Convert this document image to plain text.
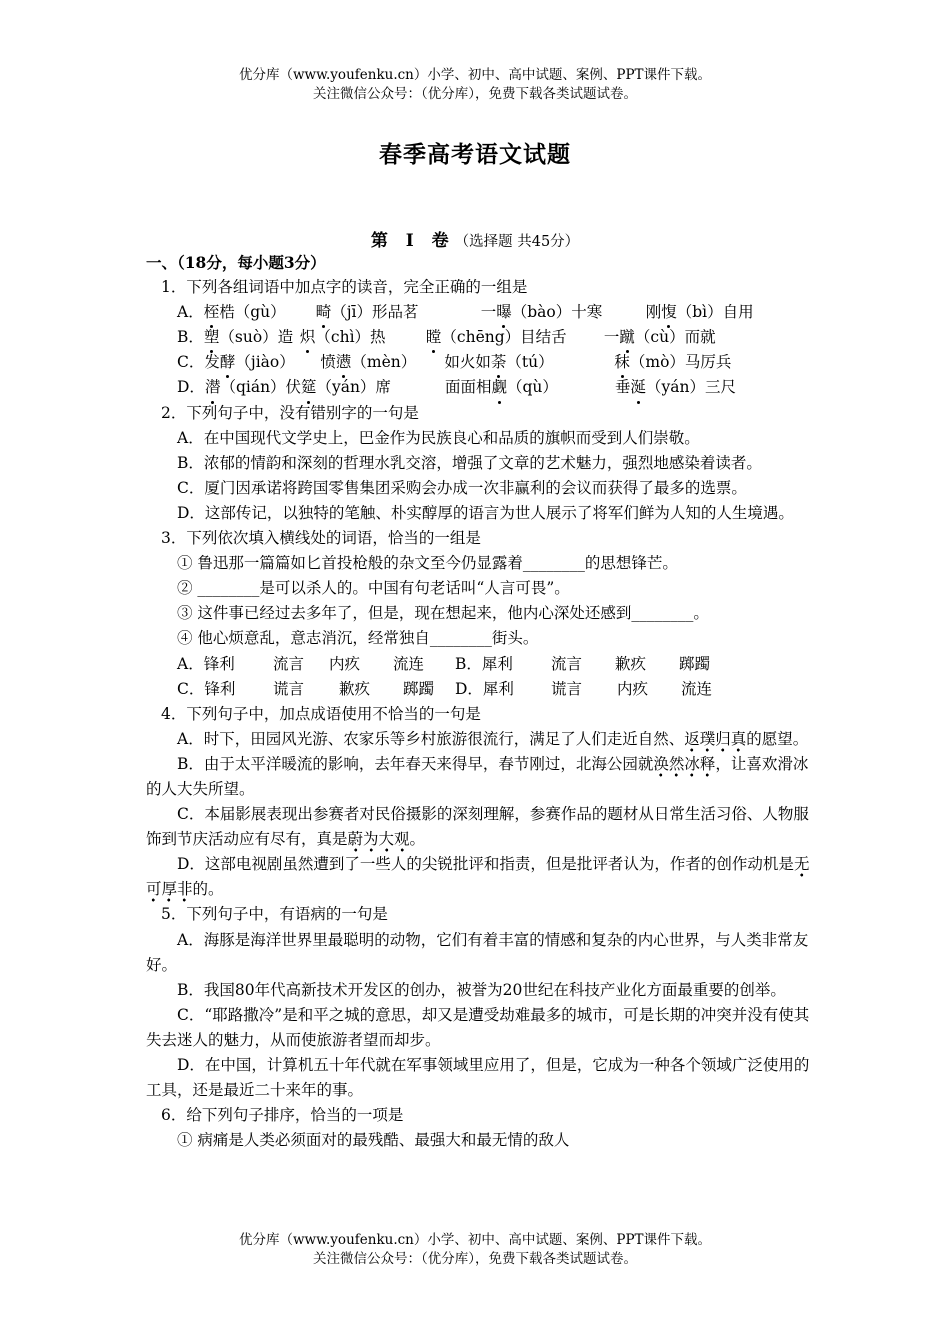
优分库（www.youfenku.cn）小学、初中、高中试题、案例、PPT课件下载。
关注微信公众号：（优分库），免费下载各类试题试卷。
春季高考语文试题
第 Ⅰ 卷（选择题 共45分）
一、（18分，每小题3分）
1．下列各组词语中加点字的读音，完全正确的一组是
A．桎梏（gù） 畸（jī）形品茗	一曝（bào）十寒	刚愎（bì）自用
B．塑（suò）造 炽（chì）热	瞠（chēng）目结舌 一蹴（cù）而就
C．发酵（jiào） 愤懑（mèn） 如火如荼（tú）	秣（mò）马厉兵
D．潜（qián）伏筵（yán）席	面面相觑（qù）	垂涎（yán）三尺
2．下列句子中，没有错别字的一句是
A．在中国现代文学史上，巴金作为民族良心和品质的旗帜而受到人们崇敬。
B．浓郁的情韵和深刻的哲理水乳交溶，增强了文章的艺术魅力，强烈地感染着读者。
C．厦门因承诺将跨国零售集团采购会办成一次非赢利的会议而获得了最多的选票。
D．这部传记，以独特的笔触、朴实醇厚的语言为世人展示了将军们鲜为人知的人生境遇。
3．下列依次填入横线处的词语，恰当的一组是
① 鲁迅那一篇篇如匕首投枪般的杂文至今仍显露着________的思想锋芒。
② ________是可以杀人的。中国有句老话叫“人言可畏”。
③ 这件事已经过去多年了，但是，现在想起来，他内心深处还感到________。
④ 他心烦意乱，意志消沉，经常独自________街头。
A．锋利 流言 内疚 流连 B．犀利 流言 歉疚 踯躅
C．锋利 谎言 歉疚 踯躅 D．犀利 谎言 内疚 流连
4．下列句子中，加点成语使用不恰当的一句是
A．时下，田园风光游、农家乐等乡村旅游很流行，满足了人们走近自然、返璞归真的愿望。
B．由于太平洋暖流的影响，去年春天来得早，春节刚过，北海公园就涣然冰释，让喜欢滑冰的人大失所望。
C．本届影展表现出参赛者对民俗摄影的深刻理解，参赛作品的题材从日常生活习俗、人物服饰到节庆活动应有尽有，真是蔚为大观。
D．这部电视剧虽然遭到了一些人的尖锐批评和指责，但是批评者认为，作者的创作动机是无可厚非的。
5．下列句子中，有语病的一句是
A．海豚是海洋世界里最聪明的动物，它们有着丰富的情感和复杂的内心世界，与人类非常友好。
B．我国80年代高新技术开发区的创办，被誉为20世纪在科技产业化方面最重要的创举。
C．“耶路撒冷”是和平之城的意思，却又是遭受劫难最多的城市，可是长期的冲突并没有使其失去迷人的魅力，从而使旅游者望而却步。
D．在中国，计算机五十年代就在军事领域里应用了，但是，它成为一种各个领域广泛使用的工具，还是最近二十来年的事。
6．给下列句子排序，恰当的一项是
① 病痛是人类必须面对的最残酷、最强大和最无情的敌人
优分库（www.youfenku.cn）小学、初中、高中试题、案例、PPT课件下载。
关注微信公众号：（优分库），免费下载各类试题试卷。
